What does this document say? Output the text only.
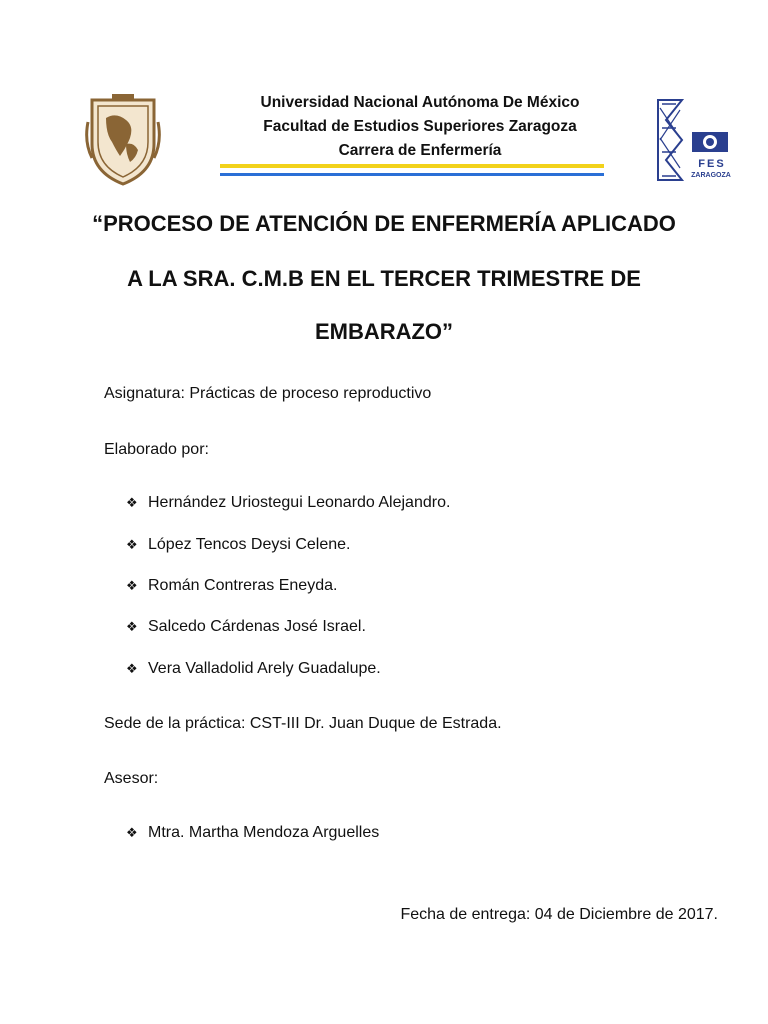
Universidad Nacional Autónoma De México
Facultad de Estudios Superiores Zaragoza
Carrera de Enfermería
FES
ZARAGOZA
“PROCESO DE ATENCIÓN DE ENFERMERÍA APLICADO
A LA SRA. C.M.B EN EL TERCER TRIMESTRE DE
EMBARAZO”
Asignatura: Prácticas de proceso reproductivo
Elaborado por:
❖ Hernández Uriostegui Leonardo Alejandro.
❖ López Tencos Deysi Celene.
❖ Román Contreras Eneyda.
❖ Salcedo Cárdenas José Israel.
❖ Vera Valladolid Arely Guadalupe.
Sede de la práctica: CST-III Dr. Juan Duque de Estrada.
Asesor:
❖ Mtra. Martha Mendoza Arguelles
Fecha de entrega: 04 de Diciembre de 2017.
